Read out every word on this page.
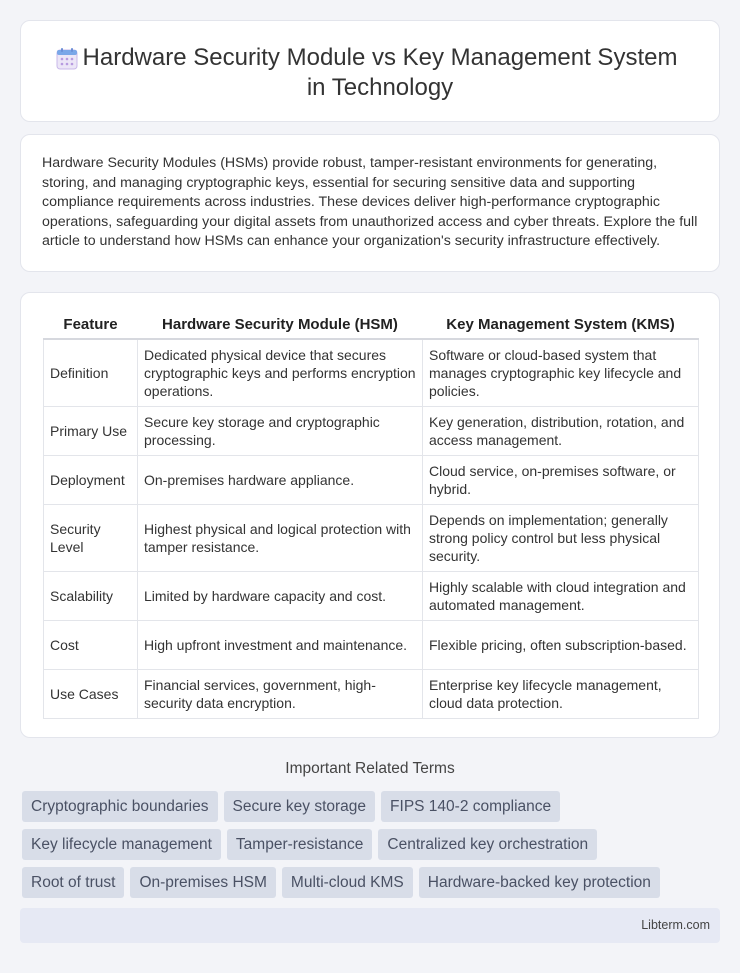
Hardware Security Module vs Key Management System in Technology

Hardware Security Modules (HSMs) provide robust, tamper-resistant environments for generating, storing, and managing cryptographic keys, essential for securing sensitive data and supporting compliance requirements across industries. These devices deliver high-performance cryptographic operations, safeguarding your digital assets from unauthorized access and cyber threats. Explore the full article to understand how HSMs can enhance your organization's security infrastructure effectively.

Feature	Hardware Security Module (HSM)	Key Management System (KMS)
Definition	Dedicated physical device that secures cryptographic keys and performs encryption operations.	Software or cloud-based system that manages cryptographic key lifecycle and policies.
Primary Use	Secure key storage and cryptographic processing.	Key generation, distribution, rotation, and access management.
Deployment	On-premises hardware appliance.	Cloud service, on-premises software, or hybrid.
Security Level	Highest physical and logical protection with tamper resistance.	Depends on implementation; generally strong policy control but less physical security.
Scalability	Limited by hardware capacity and cost.	Highly scalable with cloud integration and automated management.
Cost	High upfront investment and maintenance.	Flexible pricing, often subscription-based.
Use Cases	Financial services, government, high-security data encryption.	Enterprise key lifecycle management, cloud data protection.
Important Related Terms
Cryptographic boundaries	Secure key storage	FIPS 140-2 compliance
Key lifecycle management	Tamper-resistance	Centralized key orchestration
Root of trust	On-premises HSM	Multi-cloud KMS	Hardware-backed key protection
Libterm.com
